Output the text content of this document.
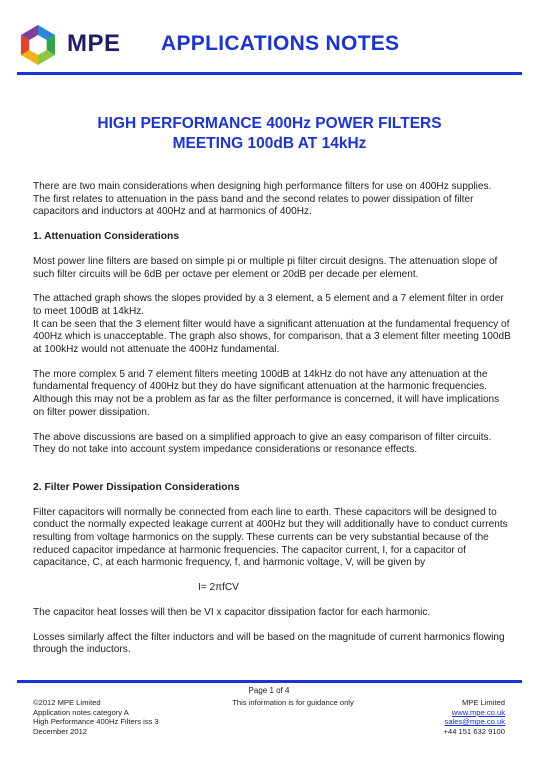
MPE APPLICATIONS NOTES
HIGH PERFORMANCE 400Hz POWER FILTERS
MEETING 100dB AT 14kHz

There are two main considerations when designing high performance filters for use on 400Hz supplies. The first relates to attenuation in the pass band and the second relates to power dissipation of filter capacitors and inductors at 400Hz and at harmonics of 400Hz.

1. Attenuation Considerations

Most power line filters are based on simple pi or multiple pi filter circuit designs. The attenuation slope of such filter circuits will be 6dB per octave per element or 20dB per decade per element.

The attached graph shows the slopes provided by a 3 element, a 5 element and a 7 element filter in order to meet 100dB at 14kHz.

It can be seen that the 3 element filter would have a significant attenuation at the fundamental frequency of 400Hz which is unacceptable. The graph also shows, for comparison, that a 3 element filter meeting 100dB at 100kHz would not attenuate the 400Hz fundamental.

The more complex 5 and 7 element filters meeting 100dB at 14kHz do not have any attenuation at the fundamental frequency of 400Hz but they do have significant attenuation at the harmonic frequencies. Although this may not be a problem as far as the filter performance is concerned, it will have implications on filter power dissipation.

The above discussions are based on a simplified approach to give an easy comparison of filter circuits. They do not take into account system impedance considerations or resonance effects.

2. Filter Power Dissipation Considerations

Filter capacitors will normally be connected from each line to earth. These capacitors will be designed to conduct the normally expected leakage current at 400Hz but they will additionally have to conduct currents resulting from voltage harmonics on the supply. These currents can be very substantial because of the reduced capacitor impedance at harmonic frequencies. The capacitor current, I, for a capacitor of capacitance, C, at each harmonic frequency, f, and harmonic voltage, V, will be given by

I= 2πfCV

The capacitor heat losses will then be VI x capacitor dissipation factor for each harmonic.

Losses similarly affect the filter inductors and will be based on the magnitude of current harmonics flowing through the inductors.

Page 1 of 4
©2012 MPE Limited
Application notes category A
High Performance 400Hz Filters iss 3
December 2012
This information is for guidance only	MPE Limited
www.mpe.co.uk
sales@mpe.co.uk
+44 151 632 9100
